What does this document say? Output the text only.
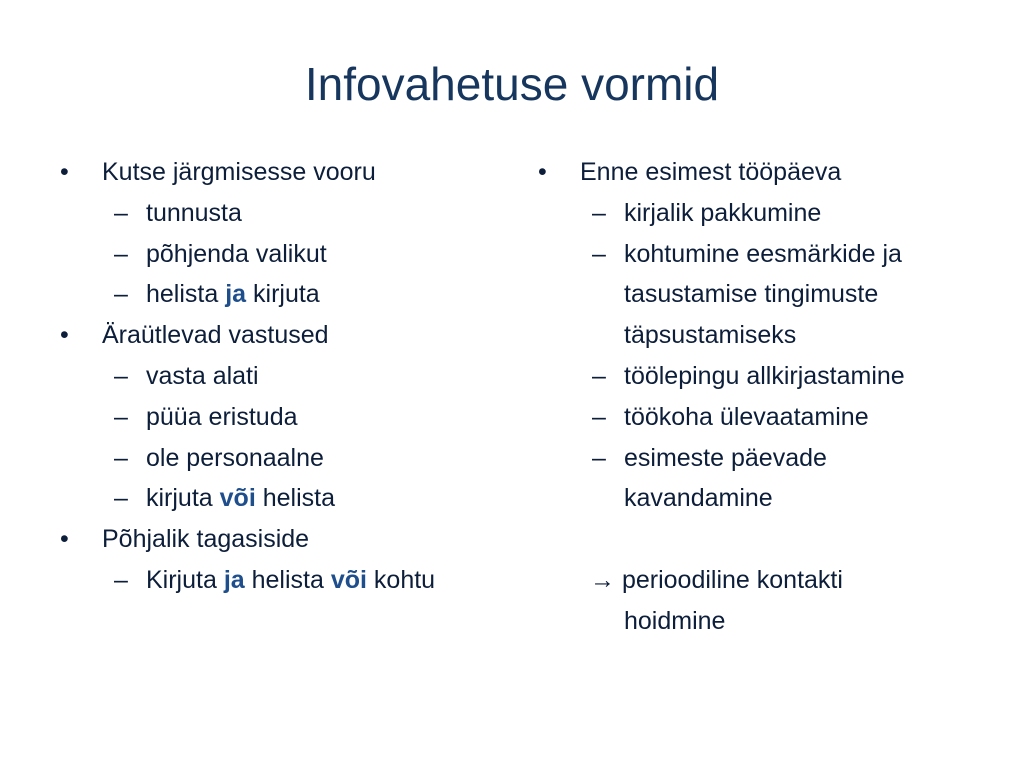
Infovahetuse vormid
• Kutse järgmisesse vooru
– tunnusta
– põhjenda valikut
– helista ja kirjuta
• Äraütlevad vastused
– vasta alati
– püüa eristuda
– ole personaalne
– kirjuta või helista
• Põhjalik tagasiside
– Kirjuta ja helista või kohtu
• Enne esimest tööpäeva
– kirjalik pakkumine
– kohtumine eesmärkide ja
tasustamise tingimuste
täpsustamiseks
– töölepingu allkirjastamine
– töökoha ülevaatamine
– esimeste päevade
kavandamine
→ perioodiline kontakti
hoidmine
